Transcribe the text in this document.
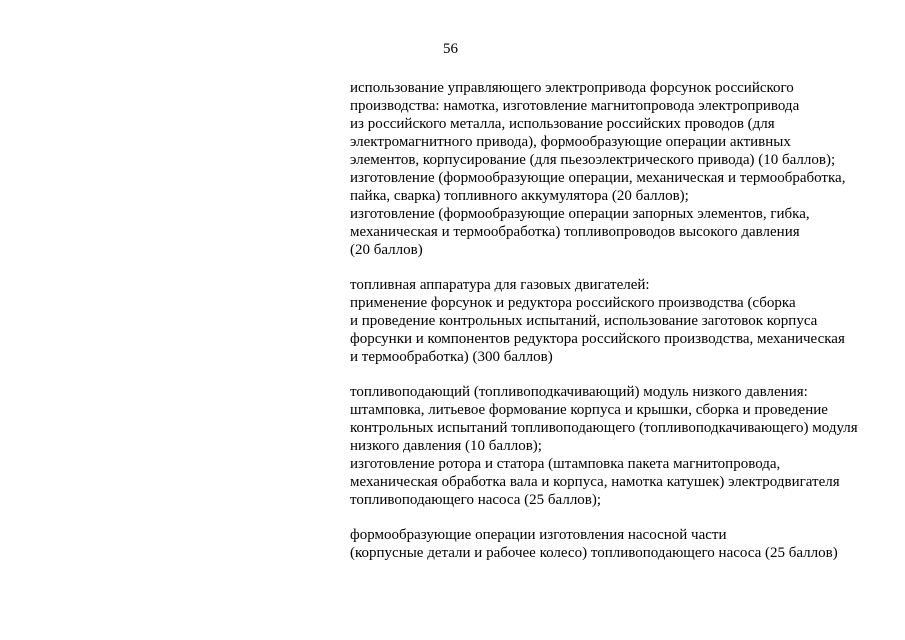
56
использование управляющего электропривода форсунок российского
производства: намотка, изготовление магнитопровода электропривода
из российского металла, использование российских проводов (для
электромагнитного привода), формообразующие операции активных
элементов, корпусирование (для пьезоэлектрического привода) (10 баллов);
изготовление (формообразующие операции, механическая и термообработка,
пайка, сварка) топливного аккумулятора (20 баллов);
изготовление (формообразующие операции запорных элементов, гибка,
механическая и термообработка) топливопроводов высокого давления
(20 баллов)
топливная аппаратура для газовых двигателей:
применение форсунок и редуктора российского производства (сборка
и проведение контрольных испытаний, использование заготовок корпуса
форсунки и компонентов редуктора российского производства, механическая
и термообработка) (300 баллов)
топливоподающий (топливоподкачивающий) модуль низкого давления:
штамповка, литьевое формование корпуса и крышки, сборка и проведение
контрольных испытаний топливоподающего (топливоподкачивающего) модуля
низкого давления (10 баллов);
изготовление ротора и статора (штамповка пакета магнитопровода,
механическая обработка вала и корпуса, намотка катушек) электродвигателя
топливоподающего насоса (25 баллов);
формообразующие операции изготовления насосной части
(корпусные детали и рабочее колесо) топливоподающего насоса (25 баллов)
